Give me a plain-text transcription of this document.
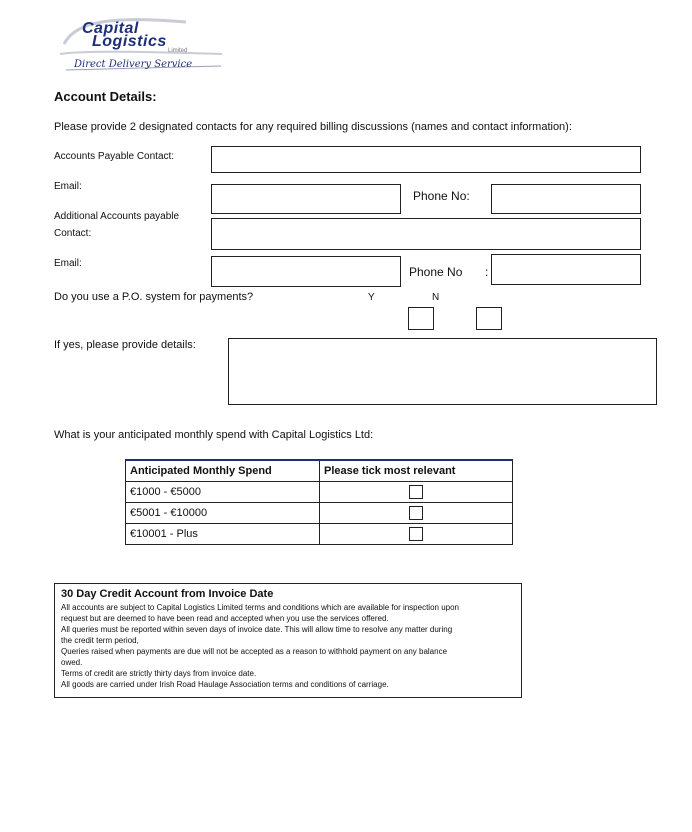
Capital
Logistics
Limited
Direct Delivery Service
Account Details:
Please provide 2 designated contacts for any required billing discussions (names and contact information):
Accounts Payable Contact:
Email:
Phone No:
Additional Accounts payable
Contact:
Email:
Phone No :
Do you use a P.O. system for payments?	Y	N
If yes, please provide details:
What is your anticipated monthly spend with Capital Logistics Ltd:
Anticipated Monthly Spend	Please tick most relevant
€1000 - €5000	
€5001 - €10000	
€10001 - Plus	
30 Day Credit Account from Invoice Date
All accounts are subject to Capital Logistics Limited terms and conditions which are available for inspection upon
request but are deemed to have been read and accepted when you use the services offered.
All queries must be reported within seven days of invoice date. This will allow time to resolve any matter during
the credit term period,
Queries raised when payments are due will not be accepted as a reason to withhold payment on any balance
owed.
Terms of credit are strictly thirty days from invoice date.
All goods are carried under Irish Road Haulage Association terms and conditions of carriage.
